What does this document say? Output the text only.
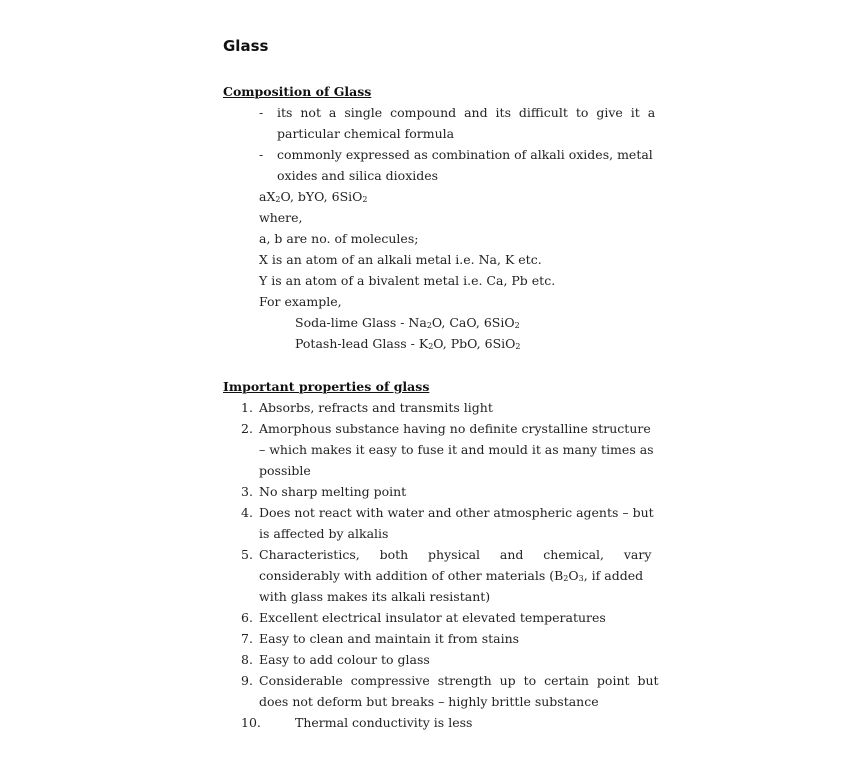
Glass
Composition of Glass
- its  not  a  single  compound  and  its  difficult  to  give  it  a
particular chemical formula
- commonly expressed as combination of alkali oxides, metal
oxides and silica dioxides
$aX_2O$, bYO, 6SiO$_2$
where,
a, b are no. of molecules;
X is an atom of an alkali metal i.e. Na, K etc.
Y is an atom of a bivalent metal i.e. Ca, Pb etc.
For example,
Soda-lime Glass - $Na_2O$, CaO, 6SiO$_2$
Potash-lead Glass - $K_2O$, PbO, 6SiO$_2$
Important properties of glass
1. Absorbs, refracts and transmits light
2. Amorphous substance having no definite crystalline structure
– which makes it easy to fuse it and mould it as many times as
possible
3. No sharp melting point
4. Does not react with water and other atmospheric agents – but
is affected by alkalis
5. Characteristics,     both     physical     and     chemical,     vary
considerably with addition of other materials ($B_2O_3$, if added
with glass makes its alkali resistant)
6. Excellent electrical insulator at elevated temperatures
7. Easy to clean and maintain it from stains
8. Easy to add colour to glass
9. Considerable  compressive  strength  up  to  certain  point  but
does not deform but breaks – highly brittle substance
10.	Thermal conductivity is less
